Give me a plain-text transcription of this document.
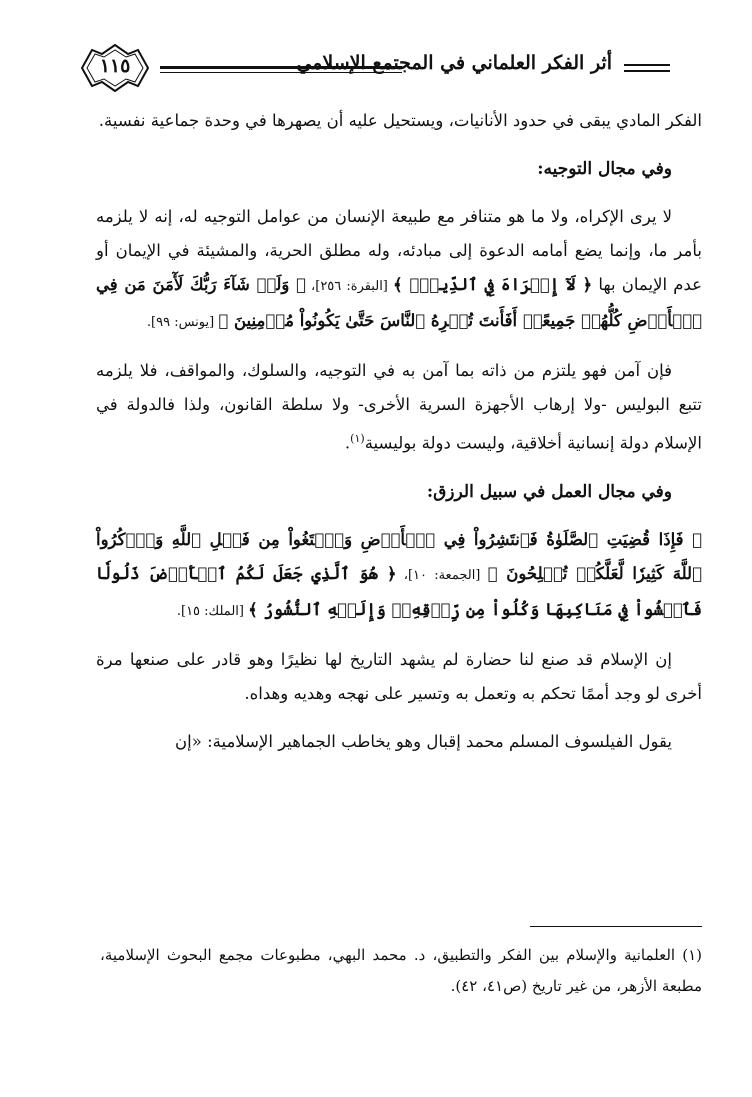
١١٥	أثر الفكر العلماني في المجتمع الإسلامي

الفكر المادي يبقى في حدود الأنانيات، ويستحيل عليه أن يصهرها في وحدة جماعية نفسية.

وفي مجال التوجيه:

لا يرى الإكراه، ولا ما هو متنافر مع طبيعة الإنسان من عوامل التوجيه له، إنه لا يلزمه بأمر ما، وإنما يضع أمامه الدعوة إلى مبادئه، وله مطلق الحرية، والمشيئة في الإيمان أو عدم الإيمان بها ﴿ لَآ إِكۡرَاهَ فِي ٱلدِّينِۖ ﴾ [البقرة: ٢٥٦]، ﴿ وَلَوۡ شَآءَ رَبُّكَ لَأٓمَنَ مَن فِي ٱلۡأَرۡضِ كُلُّهُمۡ جَمِيعًاۚ أَفَأَنتَ تُكۡرِهُ ٱلنَّاسَ حَتَّىٰ يَكُونُواْ مُؤۡمِنِينَ ﴾ [يونس: ٩٩].

فإن آمن فهو يلتزم من ذاته بما آمن به في التوجيه، والسلوك، والمواقف، فلا يلزمه تتبع البوليس -ولا إرهاب الأجهزة السرية الأخرى- ولا سلطة القانون، ولذا فالدولة في الإسلام دولة إنسانية أخلاقية، وليست دولة بوليسية$^{(١)}$.

وفي مجال العمل في سبيل الرزق:

﴿ فَإِذَا قُضِيَتِ ٱلصَّلَوٰةُ فَٱنتَشِرُواْ فِي ٱلۡأَرۡضِ وَٱبۡتَغُواْ مِن فَضۡلِ ٱللَّهِ وَٱذۡكُرُواْ ٱللَّهَ كَثِيرٗا لَّعَلَّكُمۡ تُفۡلِحُونَ ﴾ [الجمعة: ١٠]، ﴿ هُوَ ٱلَّذِي جَعَلَ لَكُمُ ٱلۡأَرۡضَ ذَلُولٗا فَٱمۡشُواْ فِي مَنَاكِبِهَا وَكُلُواْ مِن رِّزۡقِهِۦۖ وَإِلَيۡهِ ٱلنُّشُورُ ﴾ [الملك: ١٥].

إن الإسلام قد صنع لنا حضارة لم يشهد التاريخ لها نظيرًا وهو قادر على صنعها مرة أخرى لو وجد أممًا تحكم به وتعمل به وتسير على نهجه وهديه وهداه.

يقول الفيلسوف المسلم محمد إقبال وهو يخاطب الجماهير الإسلامية: «إن

(١) العلمانية والإسلام بين الفكر والتطبيق، د. محمد البهي، مطبوعات مجمع البحوث الإسلامية، مطبعة الأزهر، من غير تاريخ (ص٤١، ٤٢).
